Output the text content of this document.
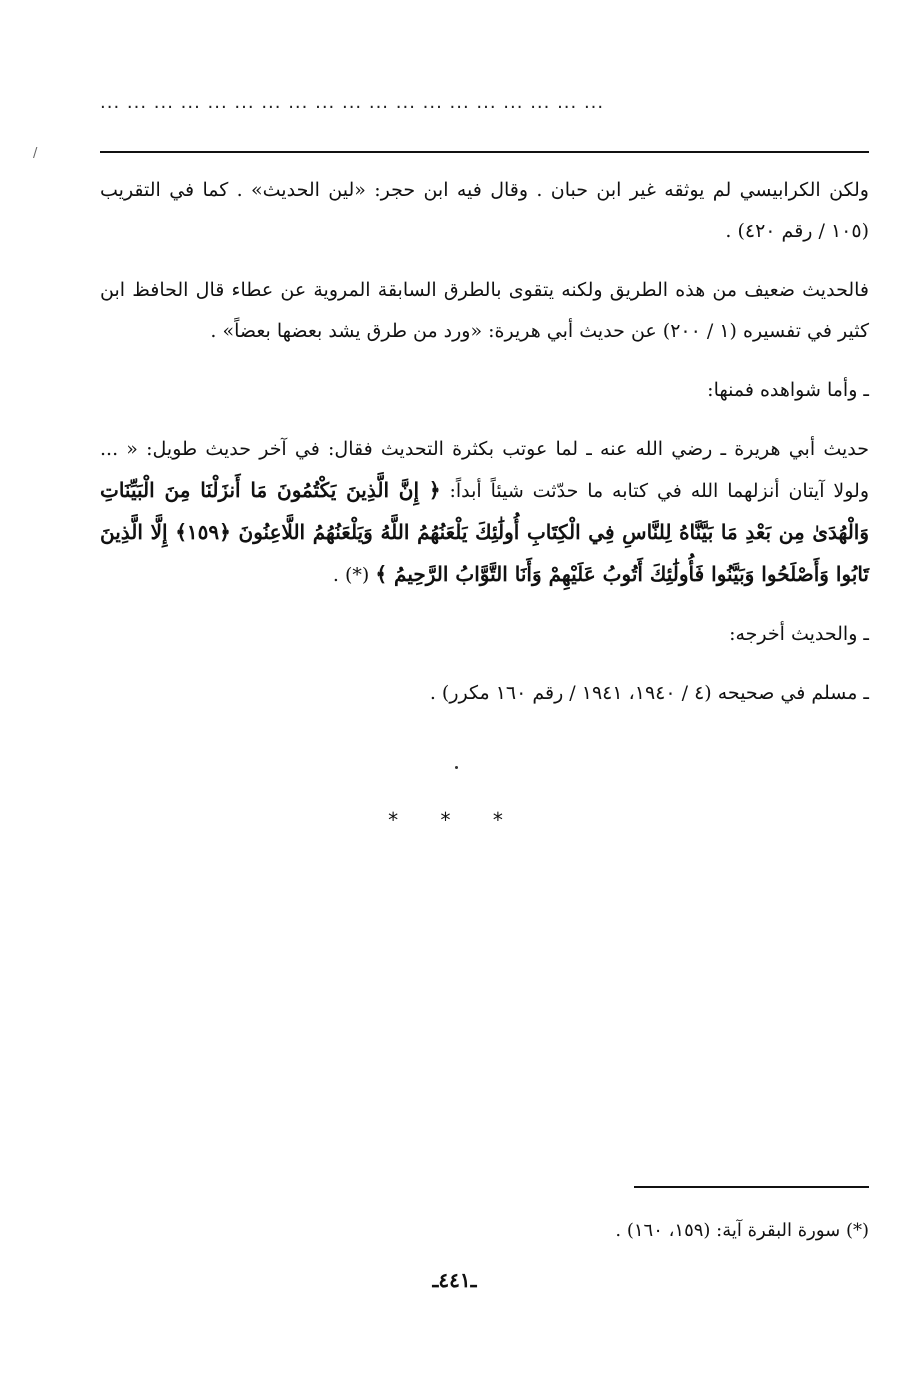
... ... ... ... ... ... ... ... ... ... ... ... ... ... ... ... ... ... ...
/

ولكن الكرابيسي لم يوثقه غير ابن حبان . وقال فيه ابن حجر: «لين الحديث» . كما في التقريب (١٠٥ / رقم ٤٢٠) .

فالحديث ضعيف من هذه الطريق ولكنه يتقوى بالطرق السابقة المروية عن عطاء قال الحافظ ابن كثير في تفسيره (١ / ٢٠٠) عن حديث أبي هريرة: «ورد من طرق يشد بعضها بعضاً» .

ـ وأما شواهده فمنها:

حديث أبي هريرة ـ رضي الله عنه ـ لما عوتب بكثرة التحديث فقال: في آخر حديث طويل: « ... ولولا آيتان أنزلهما الله في كتابه ما حدّثت شيئاً أبداً: ﴿ إِنَّ الَّذِينَ يَكْتُمُونَ مَا أَنزَلْنَا مِنَ الْبَيِّنَاتِ وَالْهُدَىٰ مِن بَعْدِ مَا بَيَّنَّاهُ لِلنَّاسِ فِي الْكِتَابِ أُولَٰئِكَ يَلْعَنُهُمُ اللَّهُ وَيَلْعَنُهُمُ اللَّاعِنُونَ ﴿١٥٩﴾ إِلَّا الَّذِينَ تَابُوا وَأَصْلَحُوا وَبَيَّنُوا فَأُولَٰئِكَ أَتُوبُ عَلَيْهِمْ وَأَنَا التَّوَّابُ الرَّحِيمُ ﴾ (*) .

ـ والحديث أخرجه:

ـ مسلم في صحيحه (٤ / ١٩٤٠، ١٩٤١ / رقم ١٦٠ مكرر) .

* * *
(*) سورة البقرة آية: (١٥٩، ١٦٠) .
ـ٤٤١ـ
